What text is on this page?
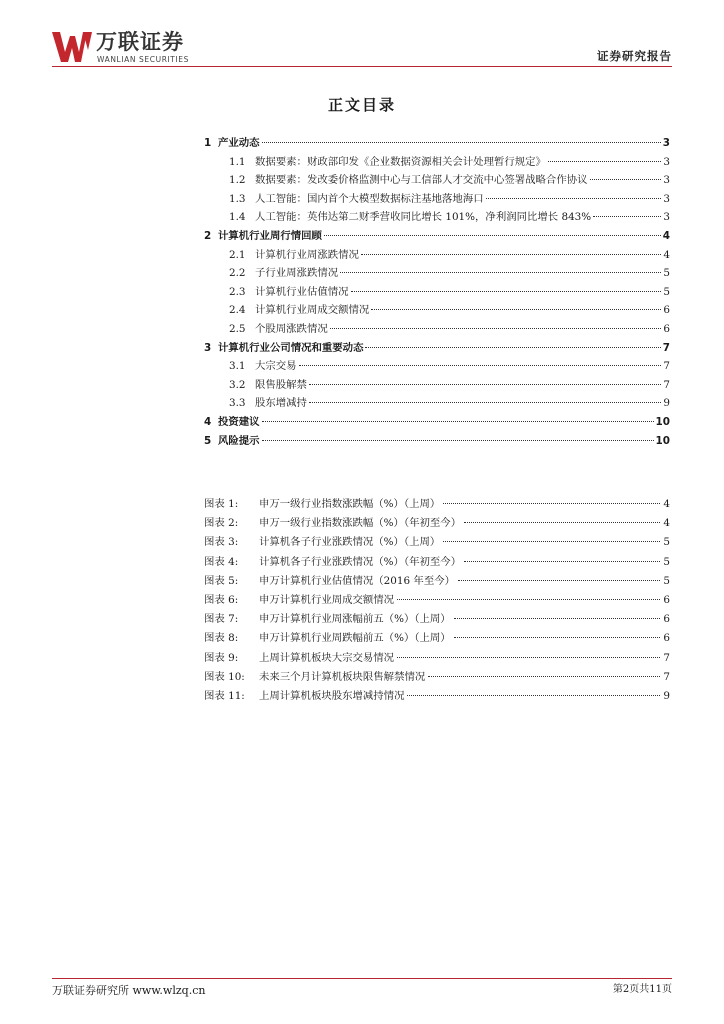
万联证券
WANLIAN SECURITIES	证券研究报告
正文目录
1 产业动态	3
1.1 数据要素：财政部印发《企业数据资源相关会计处理暂行规定》	3
1.2 数据要素：发改委价格监测中心与工信部人才交流中心签署战略合作协议	3
1.3 人工智能：国内首个大模型数据标注基地落地海口	3
1.4 人工智能：英伟达第二财季营收同比增长 101%，净利润同比增长 843%	3
2 计算机行业周行情回顾	4
2.1 计算机行业周涨跌情况	4
2.2 子行业周涨跌情况	5
2.3 计算机行业估值情况	5
2.4 计算机行业周成交额情况	6
2.5 个股周涨跌情况	6
3 计算机行业公司情况和重要动态	7
3.1 大宗交易	7
3.2 限售股解禁	7
3.3 股东增减持	9
4 投资建议	10
5 风险提示	10
图表 1:	申万一级行业指数涨跌幅（%）（上周）	4
图表 2:	申万一级行业指数涨跌幅（%）（年初至今）	4
图表 3:	计算机各子行业涨跌情况（%）（上周）	5
图表 4:	计算机各子行业涨跌情况（%）（年初至今）	5
图表 5:	申万计算机行业估值情况（2016 年至今）	5
图表 6:	申万计算机行业周成交额情况	6
图表 7:	申万计算机行业周涨幅前五（%）（上周）	6
图表 8:	申万计算机行业周跌幅前五（%）（上周）	6
图表 9:	上周计算机板块大宗交易情况	7
图表 10:	未来三个月计算机板块限售解禁情况	7
图表 11:	上周计算机板块股东增减持情况	9
万联证券研究所 www.wlzq.cn	第2页共11页
